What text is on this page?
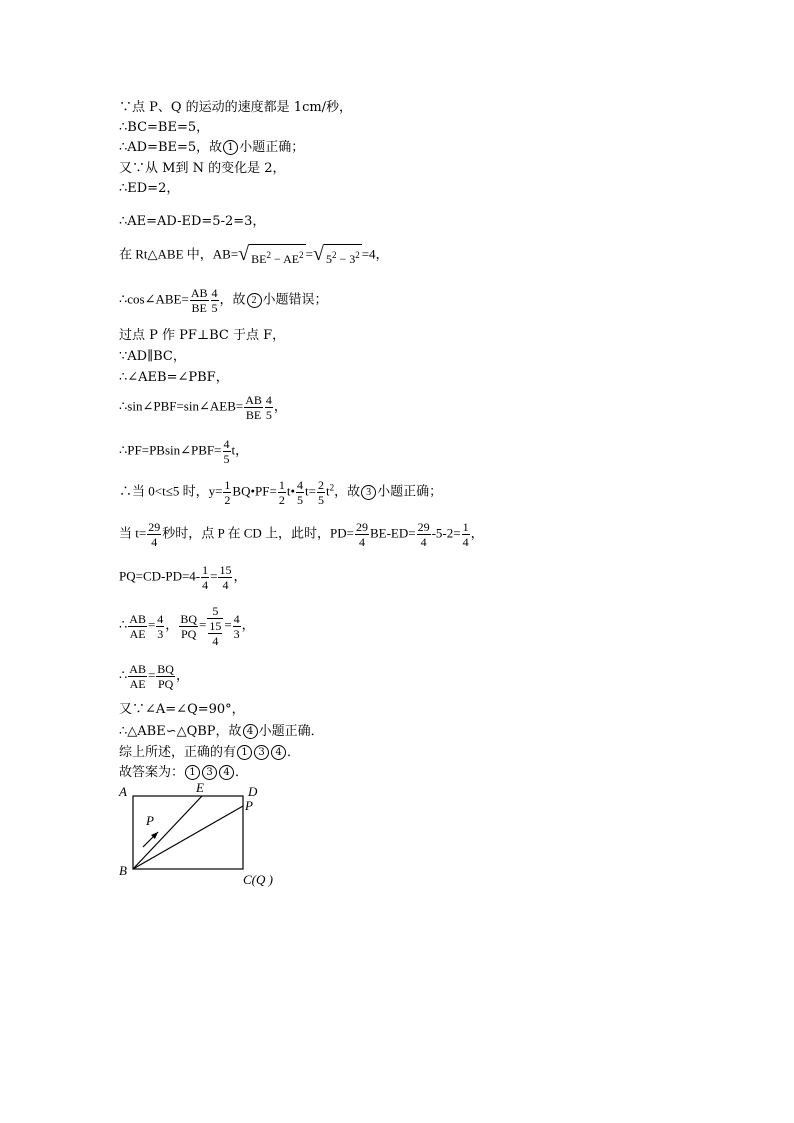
∵点 P、Q 的运动的速度都是 1cm/秒，
∴BC=BE=5，
∴AD=BE=5，故 1 小题正确；
又∵从 M到 N 的变化是 2，
∴ED=2，
∴AE=AD-ED=5-2=3，
在 Rt△ABE 中，AB= √ $BE^2 - AE^2$ = √ $5^2 - 3^2 =4$，
∴cos∠ABE= $\frac{AB}{BE} \frac{4}{5}$ ，故 2 小题错误；
过点 P 作 PF⊥BC 于点 F，
∵AD∥BC，
∴∠AEB=∠PBF，
∴sin∠PBF=sin∠AEB= $\frac{AB}{BE} \frac{4}{5}$ ，
∴PF=PBsin∠PBF= $\frac{4}{5}$ t，
∴当 0<t≤5 时，$y= \frac{1}{2}$ BQ•PF= $\frac{1}{2}$ t• $\frac{4}{5} t= \frac{2}{5} t^2$，故 3 小题正确；
当 $t= \frac{29}{4}$ 秒时，点 P 在 CD 上，此时，$PD= \frac{29}{4} BE-ED= \frac{29}{4} -5-2= \frac{1}{4}$ ，
$PQ=CD-PD=4- \frac{1}{4} = \frac{15}{4}$ ，
∴ $\frac{AB}{AE} = \frac{4}{3}$ ， $\frac{BQ}{PQ} = \frac{5}{\frac{15}{4}} = \frac{4}{3}$ ，
∴ $\frac{AB}{AE} = \frac{BQ}{PQ}$ ，
又∵∠A=∠Q=90°，
∴△ABE∽△QBP，故 4 小题正确．
综上所述，正确的有 1 3 4 ．
故答案为： 1 3 4 ．
A	E	D
P
P
B
C(Q )
